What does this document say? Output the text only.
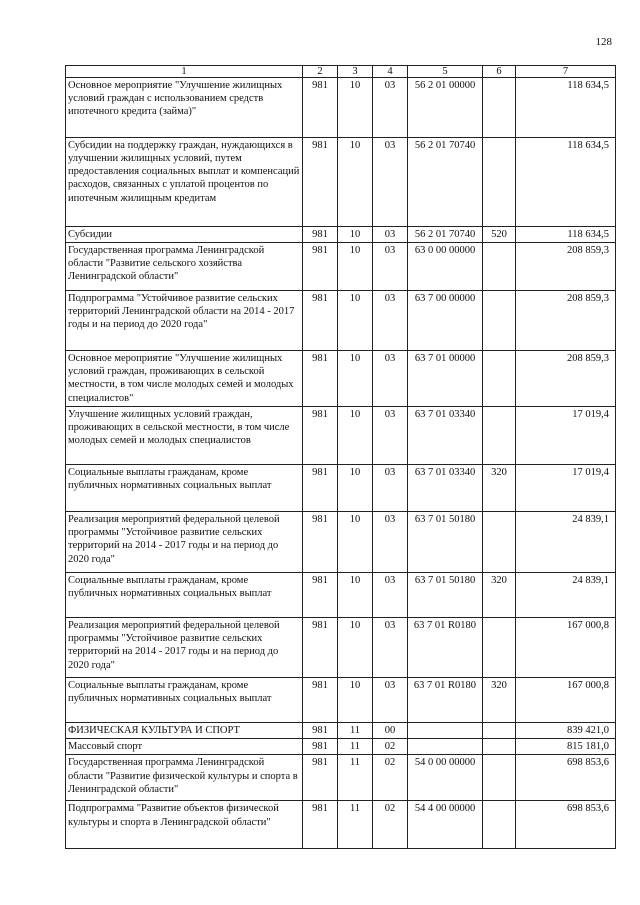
128
1	2	3	4	5	6	7
Основное мероприятие "Улучшение жилищных условий граждан с использованием средств ипотечного кредита (займа)"	981	10	03	56 2 01 00000		118 634,5
Субсидии на поддержку граждан, нуждающихся в улучшении жилищных условий, путем предоставления социальных выплат и компенсаций расходов, связанных с уплатой процентов по ипотечным жилищным кредитам	981	10	03	56 2 01 70740		118 634,5
Субсидии	981	10	03	56 2 01 70740	520	118 634,5
Государственная программа Ленинградской области "Развитие сельского хозяйства Ленинградской области"	981	10	03	63 0 00 00000		208 859,3
Подпрограмма "Устойчивое развитие сельских территорий Ленинградской области на 2014 - 2017 годы и на период до 2020 года"	981	10	03	63 7 00 00000		208 859,3
Основное мероприятие "Улучшение жилищных условий граждан, проживающих в сельской местности, в том числе молодых семей и молодых специалистов"	981	10	03	63 7 01 00000		208 859,3
Улучшение жилищных условий граждан, проживающих в сельской местности, в том числе молодых семей и молодых специалистов	981	10	03	63 7 01 03340		17 019,4
Социальные выплаты гражданам, кроме публичных нормативных социальных выплат	981	10	03	63 7 01 03340	320	17 019,4
Реализация мероприятий федеральной целевой программы "Устойчивое развитие сельских территорий на 2014 - 2017 годы и на период до 2020 года"	981	10	03	63 7 01 50180		24 839,1
Социальные выплаты гражданам, кроме публичных нормативных социальных выплат	981	10	03	63 7 01 50180	320	24 839,1
Реализация мероприятий федеральной целевой программы "Устойчивое развитие сельских территорий на 2014 - 2017 годы и на период до 2020 года"	981	10	03	63 7 01 R0180		167 000,8
Социальные выплаты гражданам, кроме публичных нормативных социальных выплат	981	10	03	63 7 01 R0180	320	167 000,8
ФИЗИЧЕСКАЯ КУЛЬТУРА И СПОРТ	981	11	00			839 421,0
Массовый спорт	981	11	02			815 181,0
Государственная программа Ленинградской области "Развитие физической культуры и спорта в Ленинградской области"	981	11	02	54 0 00 00000		698 853,6
Подпрограмма "Развитие объектов физической культуры и спорта в Ленинградской области"	981	11	02	54 4 00 00000		698 853,6
